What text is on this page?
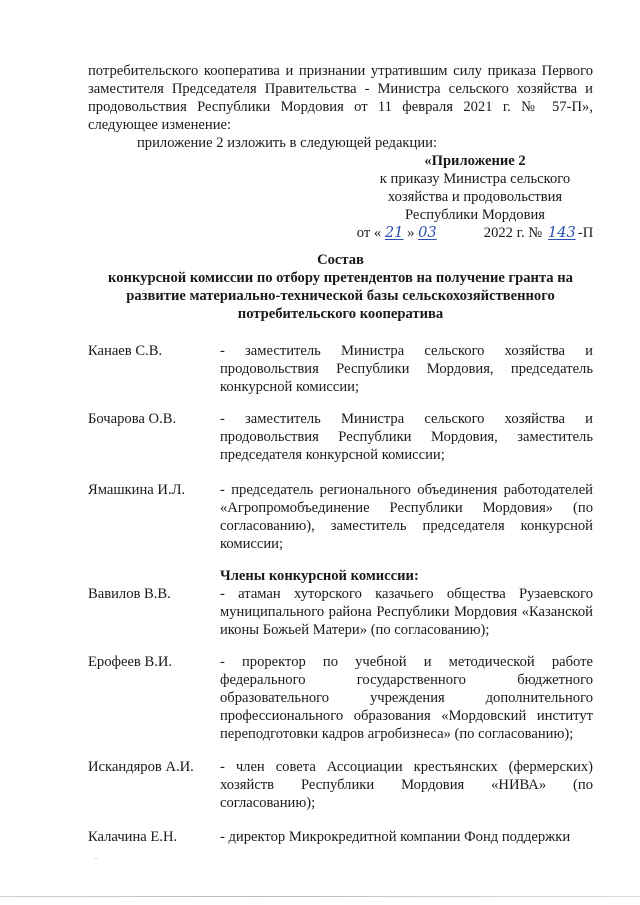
потребительского кооператива и признании утратившим силу приказа Первого заместителя Председателя Правительства - Министра сельского хозяйства и продовольствия Республики Мордовия от 11 февраля 2021 г. № 57-П», следующее изменение:
приложение 2 изложить в следующей редакции:
«Приложение 2
к приказу Министра сельского
хозяйства и продовольствия
Республики Мордовия
от « 21 » 03	2022 г. № 143 -П
Состав
конкурсной комиссии по отбору претендентов на получение гранта на развитие материально-технической базы сельскохозяйственного потребительского кооператива
Канаев С.В.	- заместитель Министра сельского хозяйства и продовольствия Республики Мордовия, председатель конкурсной комиссии;
Бочарова О.В.	- заместитель Министра сельского хозяйства и продовольствия Республики Мордовия, заместитель председателя конкурсной комиссии;
Ямашкина И.Л.	- председатель регионального объединения работодателей «Агропромобъединение Республики Мордовия» (по согласованию), заместитель председателя конкурсной комиссии;
Члены конкурсной комиссии:
Вавилов В.В.	- атаман хуторского казачьего общества Рузаевского муниципального района Республики Мордовия «Казанской иконы Божьей Матери» (по согласованию);
Ерофеев В.И.	- проректор по учебной и методической работе федерального государственного бюджетного образовательного учреждения дополнительного профессионального образования «Мордовский институт переподготовки кадров агробизнеса» (по согласованию);
Искандяров А.И.	- член совета Ассоциации крестьянских (фермерских) хозяйств Республики Мордовия «НИВА» (по согласованию);
Калачина Е.Н.	- директор Микрокредитной компании Фонд поддержки
